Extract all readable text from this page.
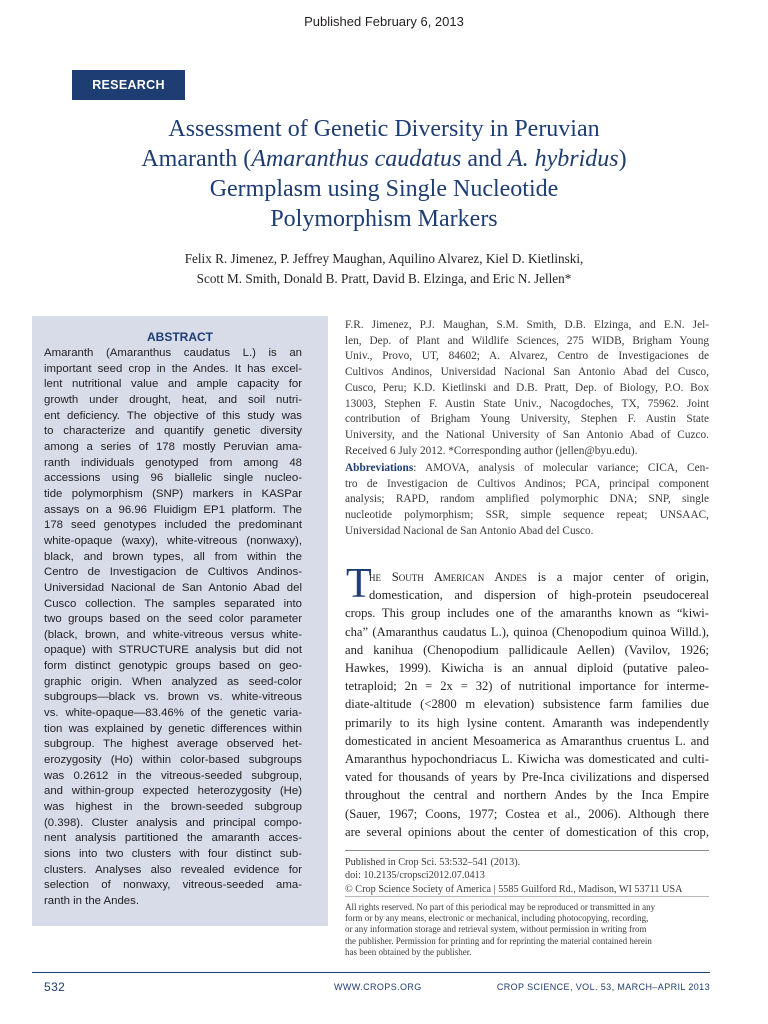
Published February 6, 2013
RESEARCH
Assessment of Genetic Diversity in Peruvian
Amaranth (Amaranthus caudatus and A. hybridus)
Germplasm using Single Nucleotide
Polymorphism Markers
Felix R. Jimenez, P. Jeffrey Maughan, Aquilino Alvarez, Kiel D. Kietlinski,
Scott M. Smith, Donald B. Pratt, David B. Elzinga, and Eric N. Jellen*
ABSTRACT
Amaranth (Amaranthus caudatus L.) is an
important seed crop in the Andes. It has excel-
lent nutritional value and ample capacity for
growth under drought, heat, and soil nutri-
ent deficiency. The objective of this study was
to characterize and quantify genetic diversity
among a series of 178 mostly Peruvian ama-
ranth individuals genotyped from among 48
accessions using 96 biallelic single nucleo-
tide polymorphism (SNP) markers in KASPar
assays on a 96.96 Fluidigm EP1 platform. The
178 seed genotypes included the predominant
white-opaque (waxy), white-vitreous (nonwaxy),
black, and brown types, all from within the
Centro de Investigacion de Cultivos Andinos-
Universidad Nacional de San Antonio Abad del
Cusco collection. The samples separated into
two groups based on the seed color parameter
(black, brown, and white-vitreous versus white-
opaque) with STRUCTURE analysis but did not
form distinct genotypic groups based on geo-
graphic origin. When analyzed as seed-color
subgroups—black vs. brown vs. white-vitreous
vs. white-opaque—83.46% of the genetic varia-
tion was explained by genetic differences within
subgroup. The highest average observed het-
erozygosity (Ho) within color-based subgroups
was 0.2612 in the vitreous-seeded subgroup,
and within-group expected heterozygosity (He)
was highest in the brown-seeded subgroup
(0.398). Cluster analysis and principal compo-
nent analysis partitioned the amaranth acces-
sions into two clusters with four distinct sub-
clusters. Analyses also revealed evidence for
selection of nonwaxy, vitreous-seeded ama-
ranth in the Andes.
F.R. Jimenez, P.J. Maughan, S.M. Smith, D.B. Elzinga, and E.N. Jel-
len, Dep. of Plant and Wildlife Sciences, 275 WIDB, Brigham Young
Univ., Provo, UT, 84602; A. Alvarez, Centro de Investigaciones de
Cultivos Andinos, Universidad Nacional San Antonio Abad del Cusco,
Cusco, Peru; K.D. Kietlinski and D.B. Pratt, Dep. of Biology, P.O. Box
13003, Stephen F. Austin State Univ., Nacogdoches, TX, 75962. Joint
contribution of Brigham Young University, Stephen F. Austin State
University, and the National University of San Antonio Abad of Cuzco.
Received 6 July 2012. *Corresponding author (jellen@byu.edu).
Abbreviations: AMOVA, analysis of molecular variance; CICA, Cen-
tro de Investigacion de Cultivos Andinos; PCA, principal component
analysis; RAPD, random amplified polymorphic DNA; SNP, single
nucleotide polymorphism; SSR, simple sequence repeat; UNSAAC,
Universidad Nacional de San Antonio Abad del Cusco.
T
he South American Andes is a major center of origin,
domestication, and dispersion of high-protein pseudocereal
crops. This group includes one of the amaranths known as “kiwi-
cha” (Amaranthus caudatus L.), quinoa (Chenopodium quinoa Willd.),
and kanihua (Chenopodium pallidicaule Aellen) (Vavilov, 1926;
Hawkes, 1999). Kiwicha is an annual diploid (putative paleo-
tetraploid; 2n = 2x = 32) of nutritional importance for interme-
diate-altitude (<2800 m elevation) subsistence farm families due
primarily to its high lysine content. Amaranth was independently
domesticated in ancient Mesoamerica as Amaranthus cruentus L. and
Amaranthus hypochondriacus L. Kiwicha was domesticated and culti-
vated for thousands of years by Pre-Inca civilizations and dispersed
throughout the central and northern Andes by the Inca Empire
(Sauer, 1967; Coons, 1977; Costea et al., 2006). Although there
are several opinions about the center of domestication of this crop,
Published in Crop Sci. 53:532–541 (2013).
doi: 10.2135/cropsci2012.07.0413
© Crop Science Society of America | 5585 Guilford Rd., Madison, WI 53711 USA
All rights reserved. No part of this periodical may be reproduced or transmitted in any
form or by any means, electronic or mechanical, including photocopying, recording,
or any information storage and retrieval system, without permission in writing from
the publisher. Permission for printing and for reprinting the material contained herein
has been obtained by the publisher.
532	WWW.CROPS.ORG	CROP SCIENCE, VOL. 53, MARCH–APRIL 2013
